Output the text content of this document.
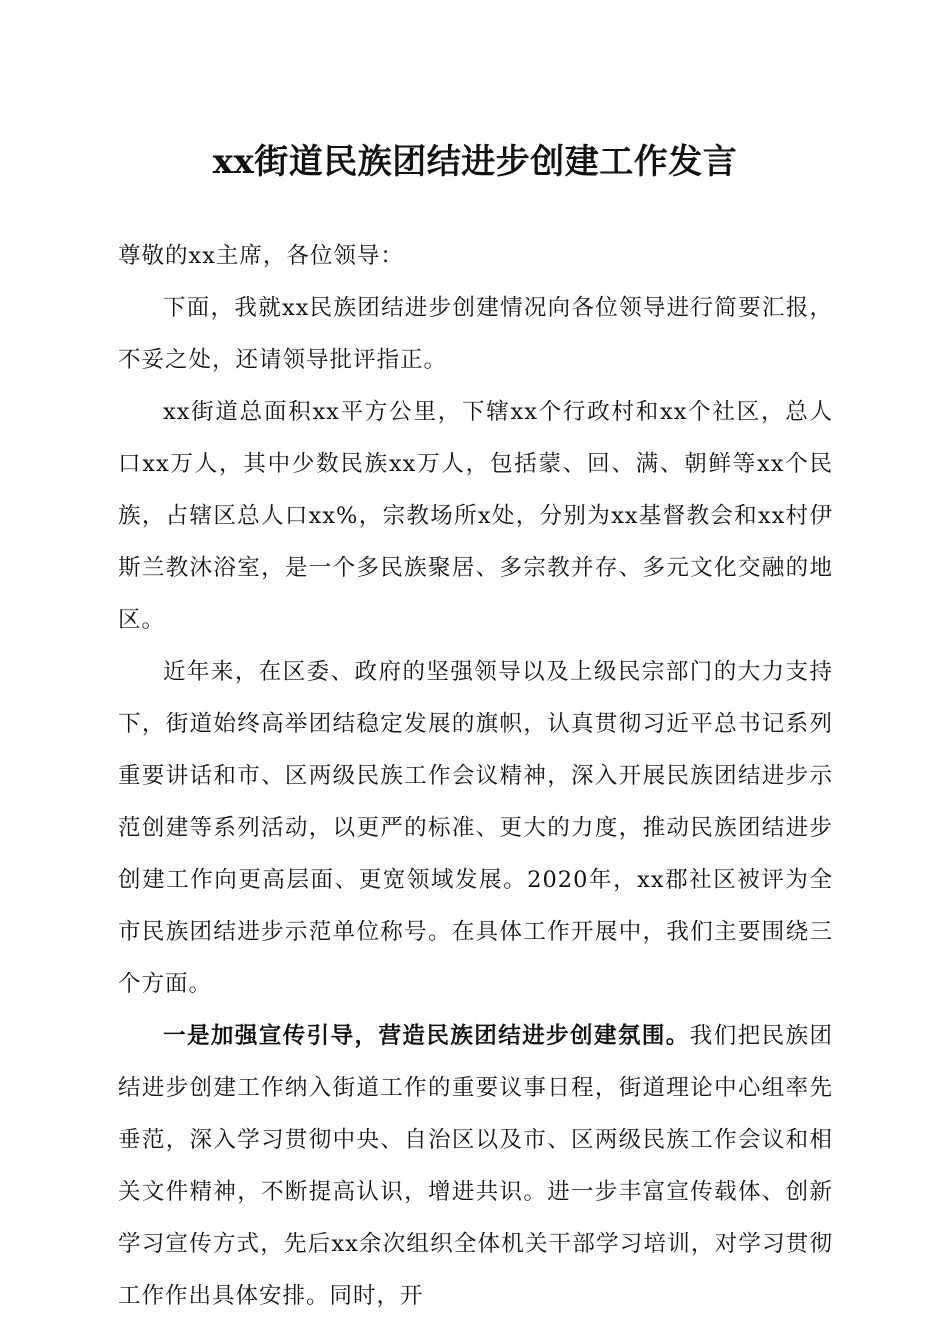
xx街道民族团结进步创建工作发言

尊敬的xx主席，各位领导：

下面，我就xx民族团结进步创建情况向各位领导进行简要汇报，不妥之处，还请领导批评指正。

xx街道总面积xx平方公里，下辖xx个行政村和xx个社区，总人口xx万人，其中少数民族xx万人，包括蒙、回、满、朝鲜等xx个民族，占辖区总人口xx%，宗教场所x处，分别为xx基督教会和xx村伊斯兰教沐浴室，是一个多民族聚居、多宗教并存、多元文化交融的地区。

近年来，在区委、政府的坚强领导以及上级民宗部门的大力支持下，街道始终高举团结稳定发展的旗帜，认真贯彻习近平总书记系列重要讲话和市、区两级民族工作会议精神，深入开展民族团结进步示范创建等系列活动，以更严的标准、更大的力度，推动民族团结进步创建工作向更高层面、更宽领域发展。2020年，xx郡社区被评为全市民族团结进步示范单位称号。在具体工作开展中，我们主要围绕三个方面。

一是加强宣传引导，营造民族团结进步创建氛围。我们把民族团结进步创建工作纳入街道工作的重要议事日程，街道理论中心组率先垂范，深入学习贯彻中央、自治区以及市、区两级民族工作会议和相关文件精神，不断提高认识，增进共识。进一步丰富宣传载体、创新学习宣传方式，先后xx余次组织全体机关干部学习培训，对学习贯彻工作作出具体安排。同时，开
